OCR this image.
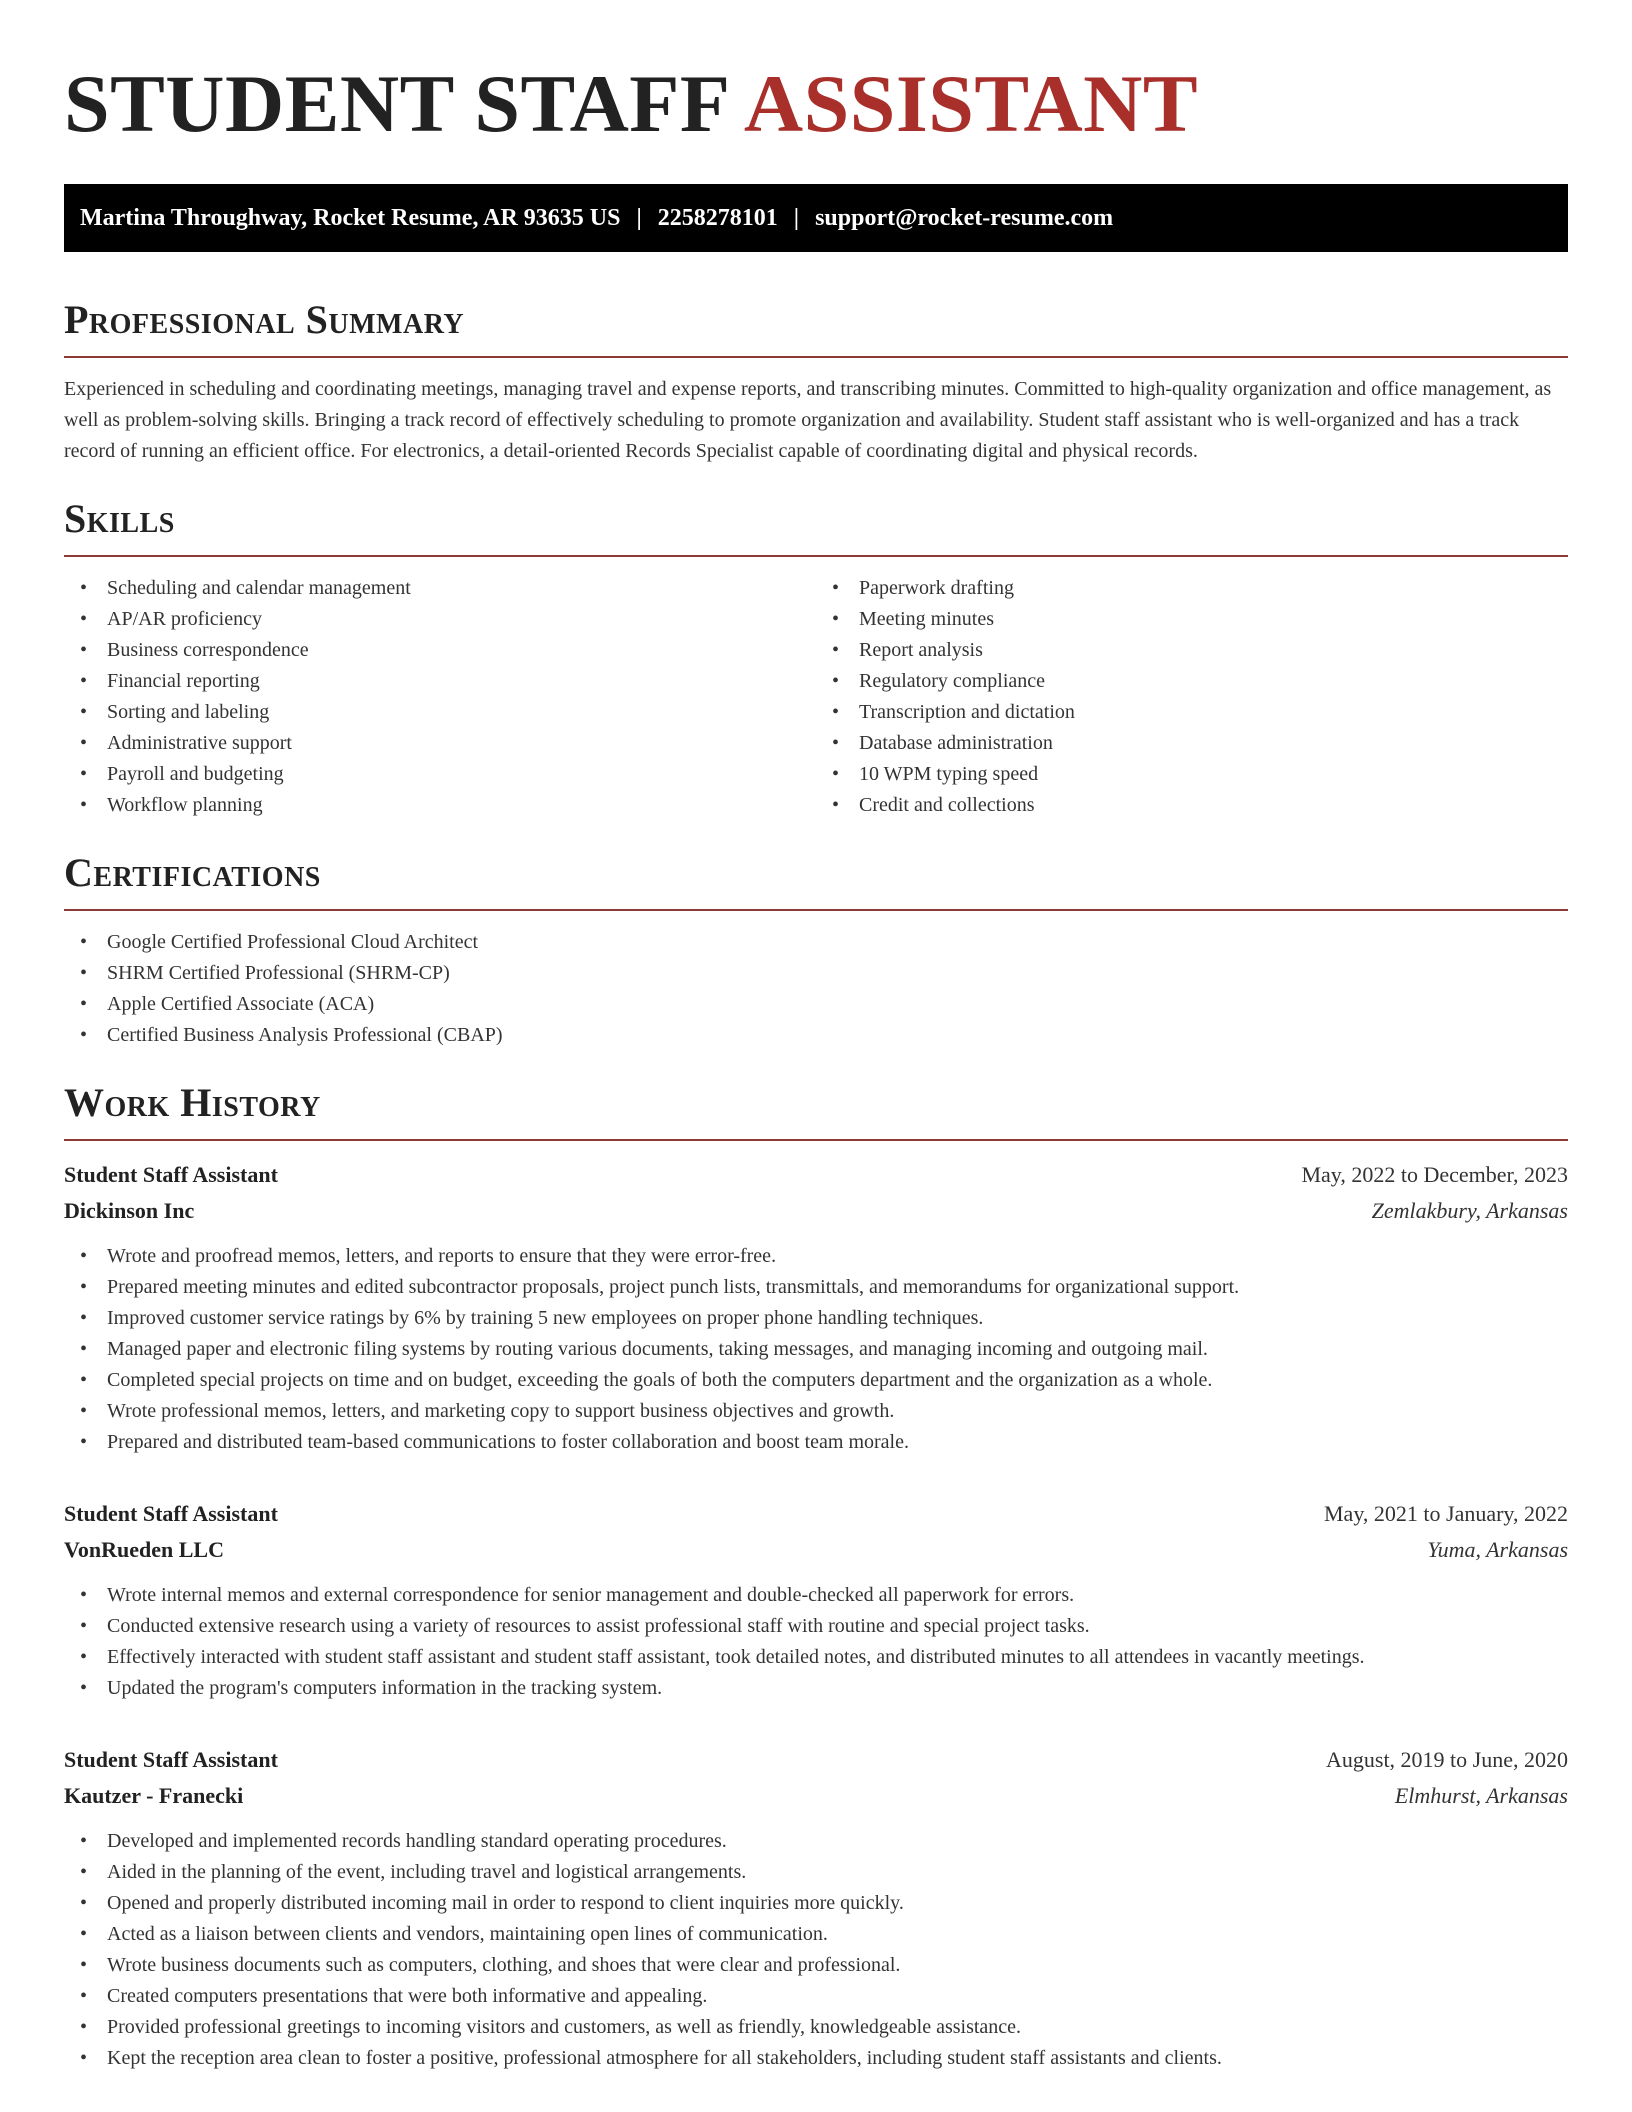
STUDENT STAFF ASSISTANT
Martina Throughway, Rocket Resume, AR 93635 US | 2258278101 | support@rocket-resume.com
Professional Summary

Experienced in scheduling and coordinating meetings, managing travel and expense reports, and transcribing minutes. Committed to high-quality organization and office management, as well as problem-solving skills. Bringing a track record of effectively scheduling to promote organization and availability. Student staff assistant who is well-organized and has a track record of running an efficient office. For electronics, a detail-oriented Records Specialist capable of coordinating digital and physical records.

Skills
• Scheduling and calendar management
• AP/AR proficiency
• Business correspondence
• Financial reporting
• Sorting and labeling
• Administrative support
• Payroll and budgeting
• Workflow planning
• Paperwork drafting
• Meeting minutes
• Report analysis
• Regulatory compliance
• Transcription and dictation
• Database administration
• 10 WPM typing speed
• Credit and collections
Certifications
• Google Certified Professional Cloud Architect
• SHRM Certified Professional (SHRM-CP)
• Apple Certified Associate (ACA)
• Certified Business Analysis Professional (CBAP)
Work History
Student Staff Assistant	May, 2022 to December, 2023
Dickinson Inc	Zemlakbury, Arkansas
• Wrote and proofread memos, letters, and reports to ensure that they were error-free.
• Prepared meeting minutes and edited subcontractor proposals, project punch lists, transmittals, and memorandums for organizational support.
• Improved customer service ratings by 6% by training 5 new employees on proper phone handling techniques.
• Managed paper and electronic filing systems by routing various documents, taking messages, and managing incoming and outgoing mail.
• Completed special projects on time and on budget, exceeding the goals of both the computers department and the organization as a whole.
• Wrote professional memos, letters, and marketing copy to support business objectives and growth.
• Prepared and distributed team-based communications to foster collaboration and boost team morale.
Student Staff Assistant	May, 2021 to January, 2022
VonRueden LLC	Yuma, Arkansas
• Wrote internal memos and external correspondence for senior management and double-checked all paperwork for errors.
• Conducted extensive research using a variety of resources to assist professional staff with routine and special project tasks.
• Effectively interacted with student staff assistant and student staff assistant, took detailed notes, and distributed minutes to all attendees in vacantly meetings.
• Updated the program's computers information in the tracking system.
Student Staff Assistant	August, 2019 to June, 2020
Kautzer - Franecki	Elmhurst, Arkansas
• Developed and implemented records handling standard operating procedures.
• Aided in the planning of the event, including travel and logistical arrangements.
• Opened and properly distributed incoming mail in order to respond to client inquiries more quickly.
• Acted as a liaison between clients and vendors, maintaining open lines of communication.
• Wrote business documents such as computers, clothing, and shoes that were clear and professional.
• Created computers presentations that were both informative and appealing.
• Provided professional greetings to incoming visitors and customers, as well as friendly, knowledgeable assistance.
• Kept the reception area clean to foster a positive, professional atmosphere for all stakeholders, including student staff assistants and clients.
